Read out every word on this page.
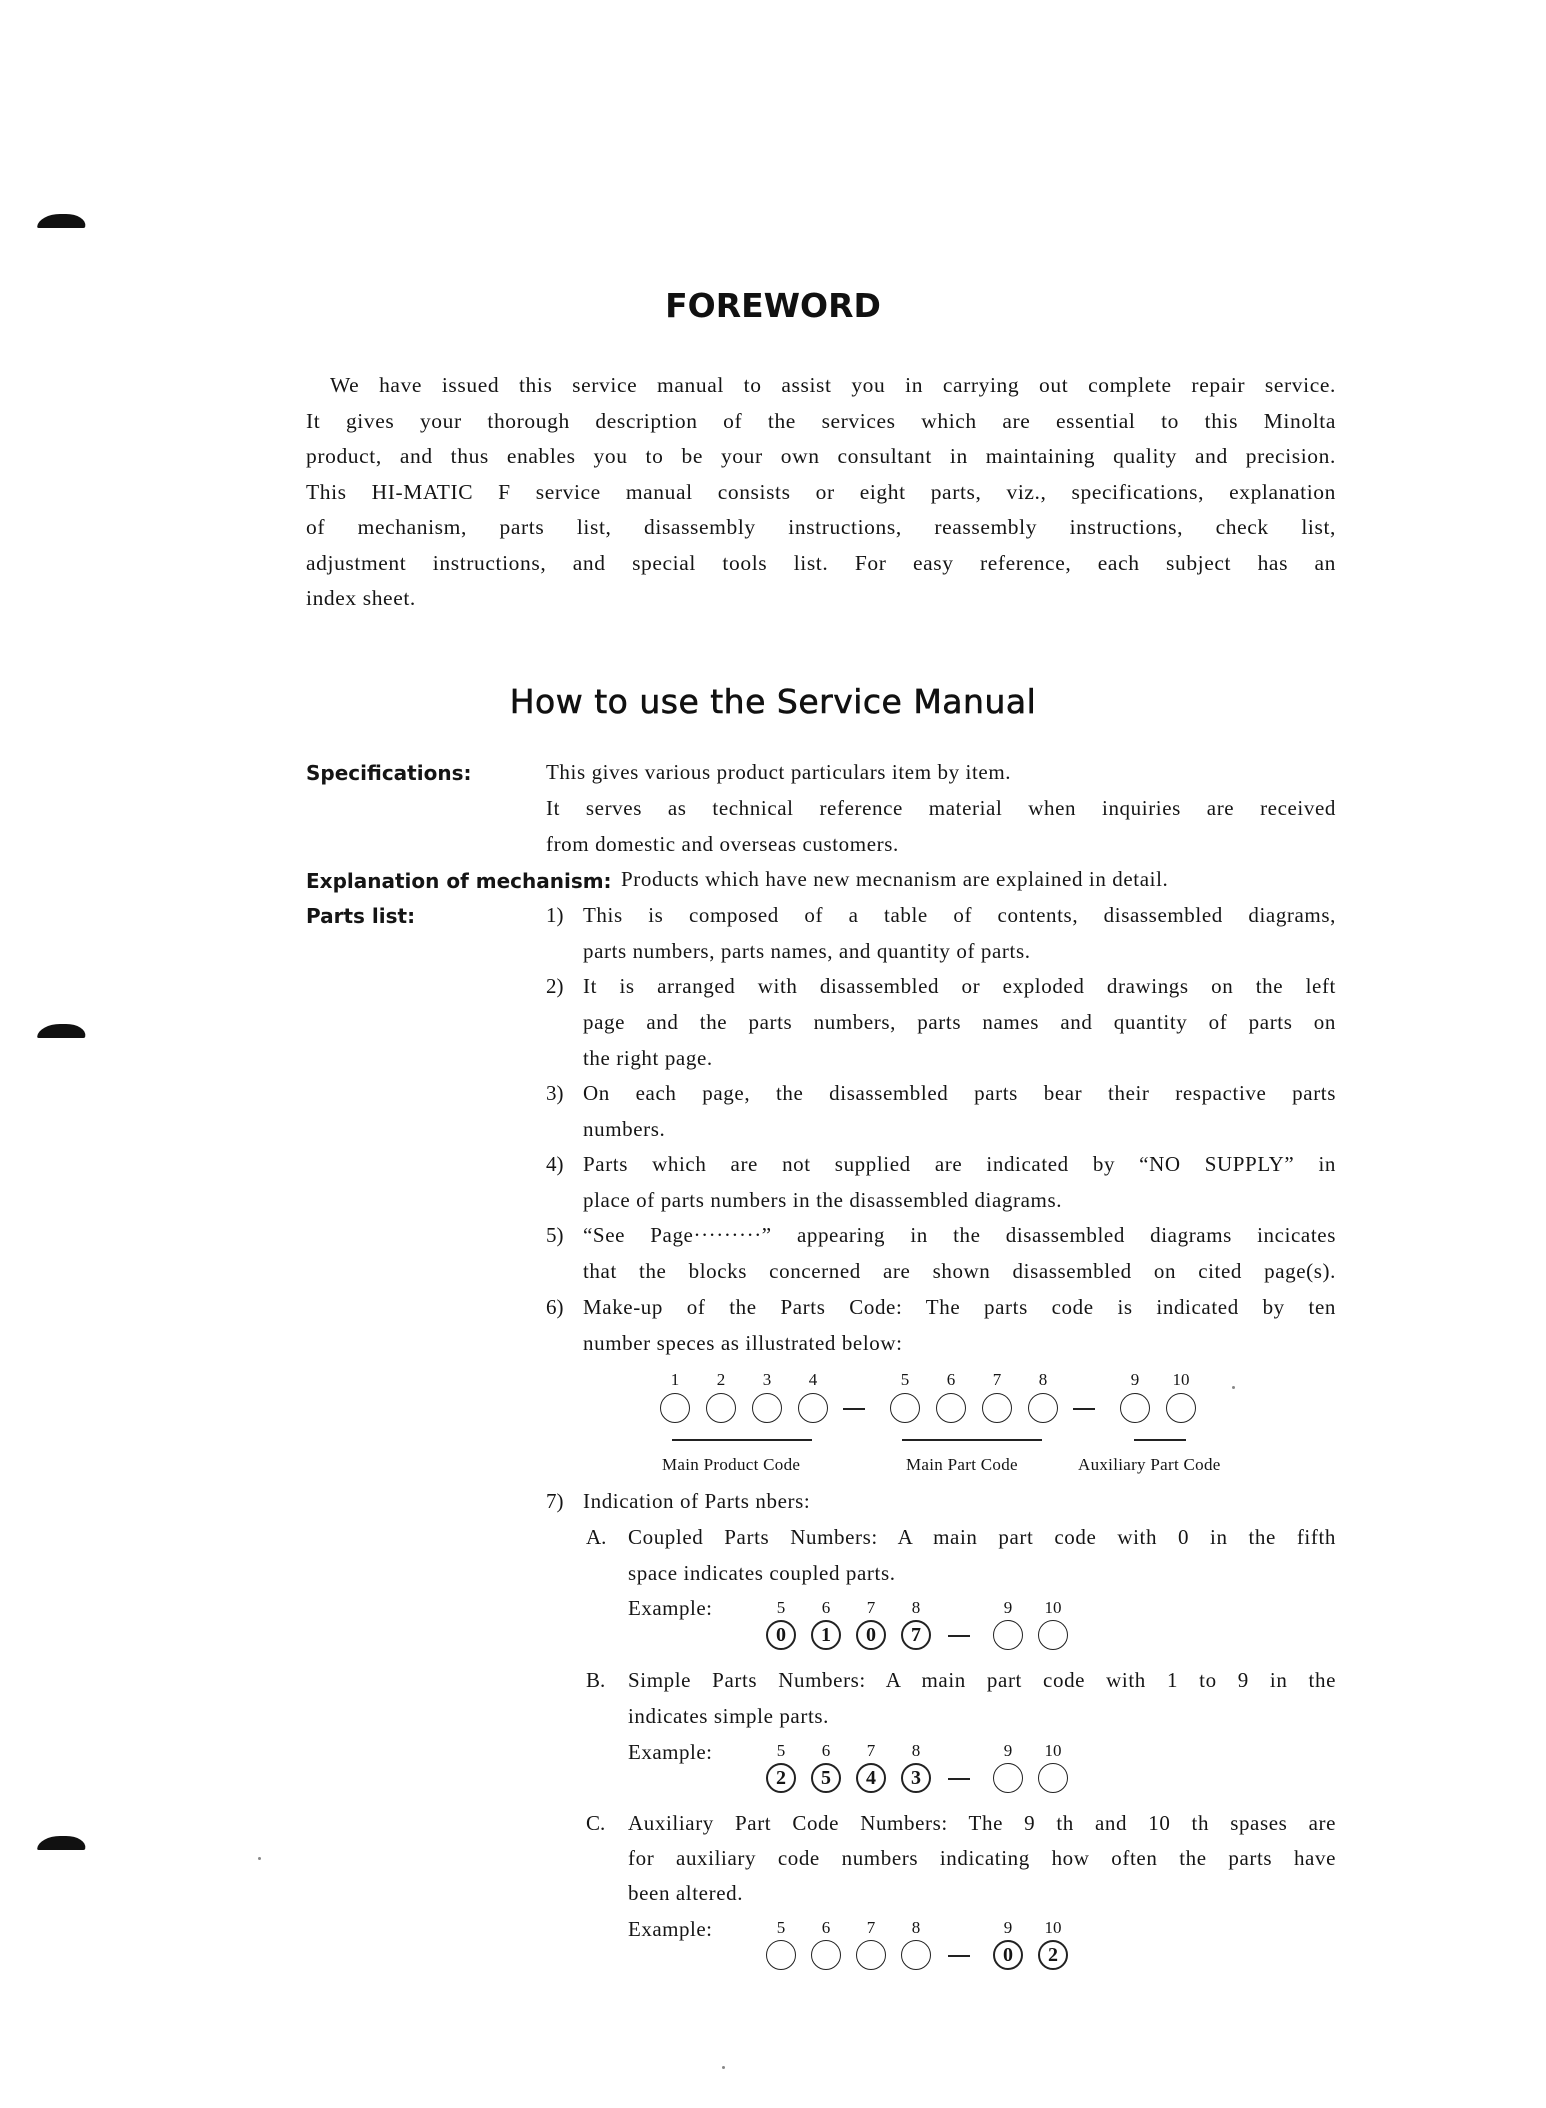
FOREWORD
We have issued this service manual to assist you in carrying out complete repair service.
It gives your thorough description of the services which are essential to this Minolta
product, and thus enables you to be your own consultant in maintaining quality and precision.
This HI-MATIC F service manual consists or eight parts, viz., specifications, explanation
of mechanism, parts list, disassembly instructions, reassembly instructions, check list,
adjustment instructions, and special tools list. For easy reference, each subject has an
index sheet.
How to use the Service Manual
Specifications:	This gives various product particulars item by item.
It serves as technical reference material when inquiries are received
from domestic and overseas customers.
Explanation of mechanism: Products which have new mecnanism are explained in detail.
Parts list:	1) This is composed of a table of contents, disassembled diagrams,
parts numbers, parts names, and quantity of parts.
2) It is arranged with disassembled or exploded drawings on the left
page and the parts numbers, parts names and quantity of parts on
the right page.
3) On each page, the disassembled parts bear their respactive parts
numbers.
4) Parts which are not supplied are indicated by “NO SUPPLY” in
place of parts numbers in the disassembled diagrams.
5) “See Page·········” appearing in the disassembled diagrams incicates
that the blocks concerned are shown disassembled on cited page(s).
6) Make-up of the Parts Code: The parts code is indicated by ten
number speces as illustrated below:
1	2	3	4	5	6	7	8	9	10
Main Product Code	Main Part Code	Auxiliary Part Code
7) Indication of Parts nbers:
A. Coupled Parts Numbers: A main part code with 0 in the fifth
space indicates coupled parts.
Example:	5	6	7	8	9	10
0	1	0	7
B. Simple Parts Numbers: A main part code with 1 to 9 in the
indicates simple parts.
Example:	5	6	7	8	9	10
2	5	4	3
C. Auxiliary Part Code Numbers: The 9 th and 10 th spases are
for auxiliary code numbers indicating how often the parts have
been altered.
Example:	5	6	7	8	9	10
0	2
